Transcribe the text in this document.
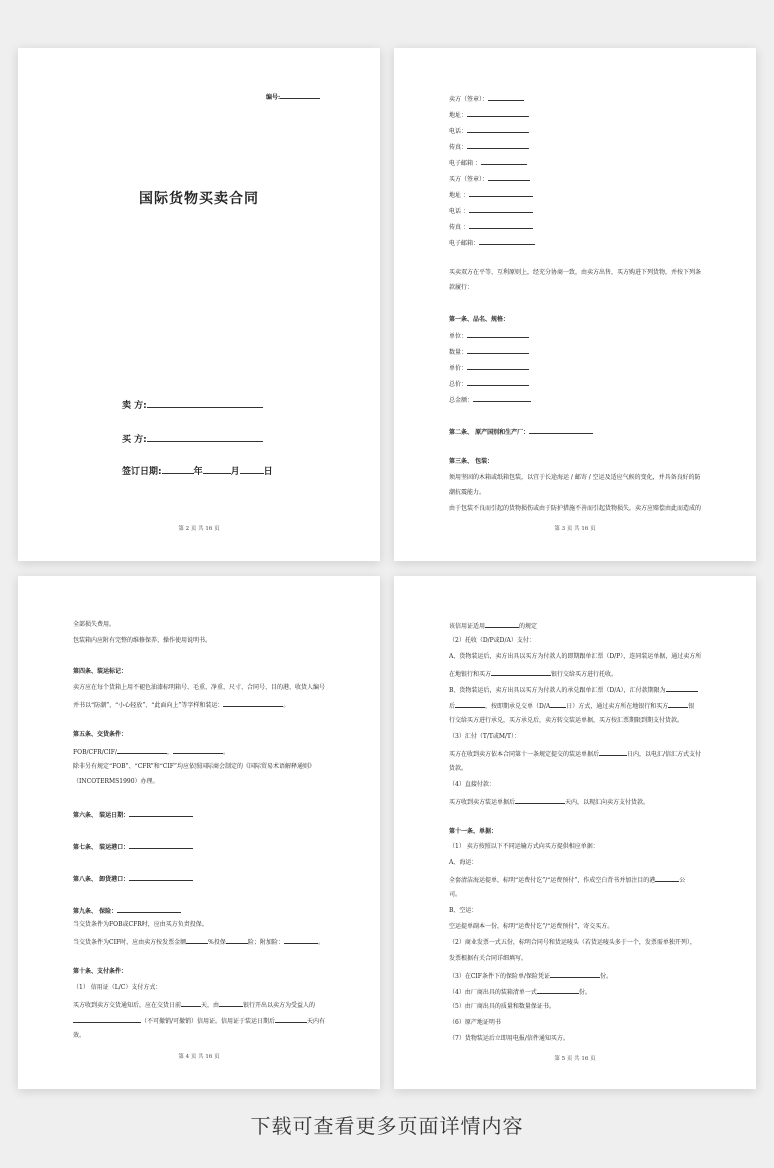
编号:
国际货物买卖合同
卖 方:
买 方:
签订日期:	年	月	日
第 2 页 共 16 页
卖方（签章）：
地址：
电话：
传真：
电子邮箱 ：
买方（签章）：
地址 ：
电话 ：
传真 ：
电子邮箱：
买卖双方在平等、互利原则上，经充分协商一致，由卖方出售，买方购进下列货物，并按下列条
款履行：
第一条、品名、规格：
单位：
数量：
单价：
总价：
总金额：
第二条、 原产国别和生产厂：
第三条、 包装：
须用坚固的木箱或纸箱包装，以宜于长途海运 / 邮寄 / 空运及适应气候的变化，并具备良好的防
潮抗震能力。
由于包装不良而引起的货物损伤或由于防护措施不善而引起货物损失，卖方应赔偿由此而造成的
第 3 页 共 16 页
全部损失费用。
包装箱内应附有完整的维修保养、操作使用说明书。
第四条、装运标记：
卖方应在每个货箱上用不褪色油漆标明箱号、毛重、净重、尺寸、合同号、目的港、收货人编号
并书以“防潮”、“小心轻放”、“此面向上”等字样和装运：	。
第五条、交货条件：
FOB/CFR/CIF/	，	。
除非另有规定“FOB”、“CFR”和“CIF”均应依照国际商会制定的《国际贸易术语解释通则》
（INCOTERMS1990）办理。
第六条、 装运日期：
第七条、 装运港口：
第八条、 卸货港口：
第九条、 保险：
当交货条件为FOB或CFR时，应由买方负责投保。
当交货条件为CIF时，应由卖方按发票金额	%投保	险；附加险：	。
第十条、支付条件：
（1） 信用证（L/C）支付方式：
买方收到卖方交货通知后，应在交货日前	天，由	银行开出以卖方为受益人的
（不可撤销/可撤销）信用证。信用证于装运日期后	天内有
效。
第 4 页 共 16 页
该信用证适用	的规定
（2）托收（D/P或D/A）支付：
A、货物装运后，卖方出具以买方为付款人的即期跟单汇票（D/P），连同装运单据，通过卖方所
在地银行和买方	银行交给买方进行托收。
B、货物装运后，卖方出具以买方为付款人的承兑跟单汇票（D/A），汇付款期限为
后	，按即期承兑交单（D/A	日）方式，通过卖方所在地银行和买方	银
行交给买方进行承兑，买方承兑后，卖方转交装运单据，买方按汇票期限到期支付货款。
（3）汇付（T/T或M/T）：
买方在收到卖方依本合同第十一条规定提交的装运单据后	日内，以电汇/信汇方式支付
货款。
（4）直接付款：
买方收到卖方装运单据后	天内，以现汇向卖方支付货款。
第十一条、单据：
（1） 卖方按照以下不同运输方式向买方提供相应单据：
A、海运：
全套清洁海运提单，标明“运费付讫”/“运费预付”，作成空白背书并加注目的港	公
司。
B、空运：
空运提单副本一份，标明“运费付讫”/“运费预付”，寄交买方。
（2）商业发票一式五份，标明合同号和货运唛头（若货运唛头多于一个，发票需单独开列），
发票根据有关合同详细填写。
（3）在CIF条件下的保险单/保险凭证	份。
（4）由厂商出具的装箱清单一式	份。
（5）由厂商出具的质量和数量保证书。
（6）原产地证明书
（7）货物装运后立即用电报/信件通知买方。
第 5 页 共 16 页
下载可查看更多页面详情内容
